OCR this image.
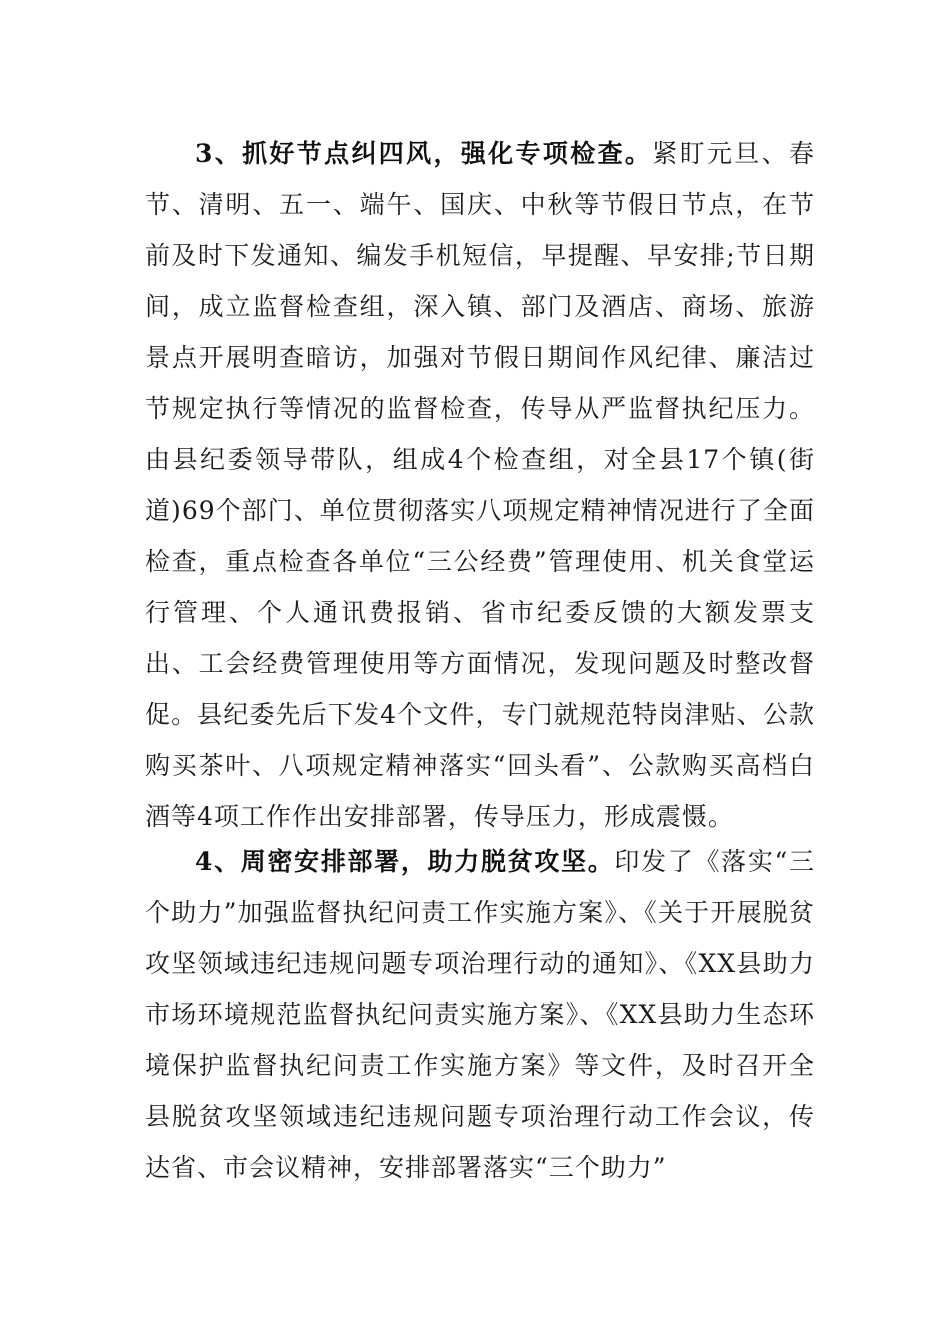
3、抓好节点纠四风，强化专项检查。紧盯元旦、春节、清明、五一、端午、国庆、中秋等节假日节点，在节前及时下发通知、编发手机短信，早提醒、早安排;节日期间，成立监督检查组，深入镇、部门及酒店、商场、旅游景点开展明查暗访，加强对节假日期间作风纪律、廉洁过节规定执行等情况的监督检查，传导从严监督执纪压力。由县纪委领导带队，组成4个检查组，对全县17个镇(街道)69个部门、单位贯彻落实八项规定精神情况进行了全面检查，重点检查各单位“三公经费”管理使用、机关食堂运行管理、个人通讯费报销、省市纪委反馈的大额发票支出、工会经费管理使用等方面情况，发现问题及时整改督促。县纪委先后下发4个文件，专门就规范特岗津贴、公款购买茶叶、八项规定精神落实“回头看”、公款购买高档白酒等4项工作作出安排部署，传导压力，形成震慑。

4、周密安排部署，助力脱贫攻坚。印发了《落实“三个助力”加强监督执纪问责工作实施方案》、《关于开展脱贫攻坚领域违纪违规问题专项治理行动的通知》、《XX县助力市场环境规范监督执纪问责实施方案》、《XX县助力生态环境保护监督执纪问责工作实施方案》等文件，及时召开全县脱贫攻坚领域违纪违规问题专项治理行动工作会议，传达省、市会议精神，安排部署落实“三个助力”
